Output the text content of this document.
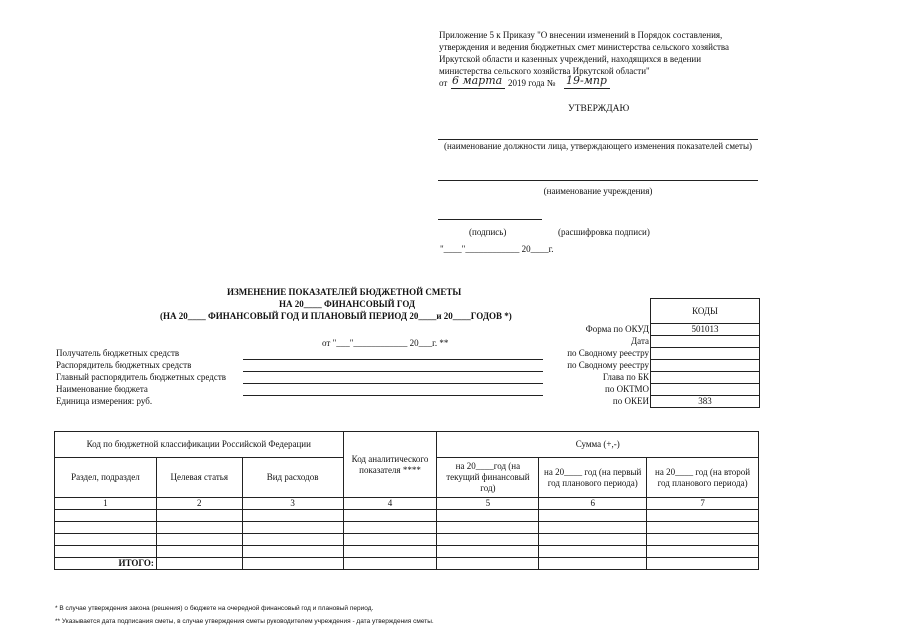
Приложение 5 к Приказу "О внесении изменений в Порядок составления,
утверждения и ведения бюджетных смет министерства сельского хозяйства
Иркутской области и казенных учреждений, находящихся в ведении
министерства сельского хозяйства Иркутской области"
от 6 марта 2019 года № 19-мпр
УТВЕРЖДАЮ
(наименование должности лица, утверждающего изменения показателей сметы)
(наименование учреждения)
(подпись)	(расшифровка подписи)
"____"____________ 20____г.
ИЗМЕНЕНИЕ ПОКАЗАТЕЛЕЙ БЮДЖЕТНОЙ СМЕТЫ
НА 20____ ФИНАНСОВЫЙ ГОД
(НА 20____ ФИНАНСОВЫЙ ГОД И ПЛАНОВЫЙ ПЕРИОД 20____и 20____ГОДОВ *)
от "___"____________ 20___г. **
КОДЫ
Форма по ОКУД	501013
Дата
по Сводному реестру
по Сводному реестру
Глава по БК
по ОКТМО
по ОКЕИ	383
Получатель бюджетных средств
Распорядитель бюджетных средств
Главный распорядитель бюджетных средств
Наименование бюджета
Единица измерения: руб.
Код по бюджетной классификации Российской Федерации			Код аналитического показателя ****	Сумма (+,-)		
Раздел, подраздел	Целевая статья	Вид расходов		на 20____год (на текущий финансовый год)	на 20____ год (на первый год планового периода)	на 20____ год (на второй год планового периода)
1	2	3	4	5	6	7

ИТОГО:						
* В случае утверждения закона (решения) о бюджете на очередной финансовый год и плановый период.
** Указывается дата подписания сметы, в случае утверждения сметы руководителем учреждения - дата утверждения сметы.
